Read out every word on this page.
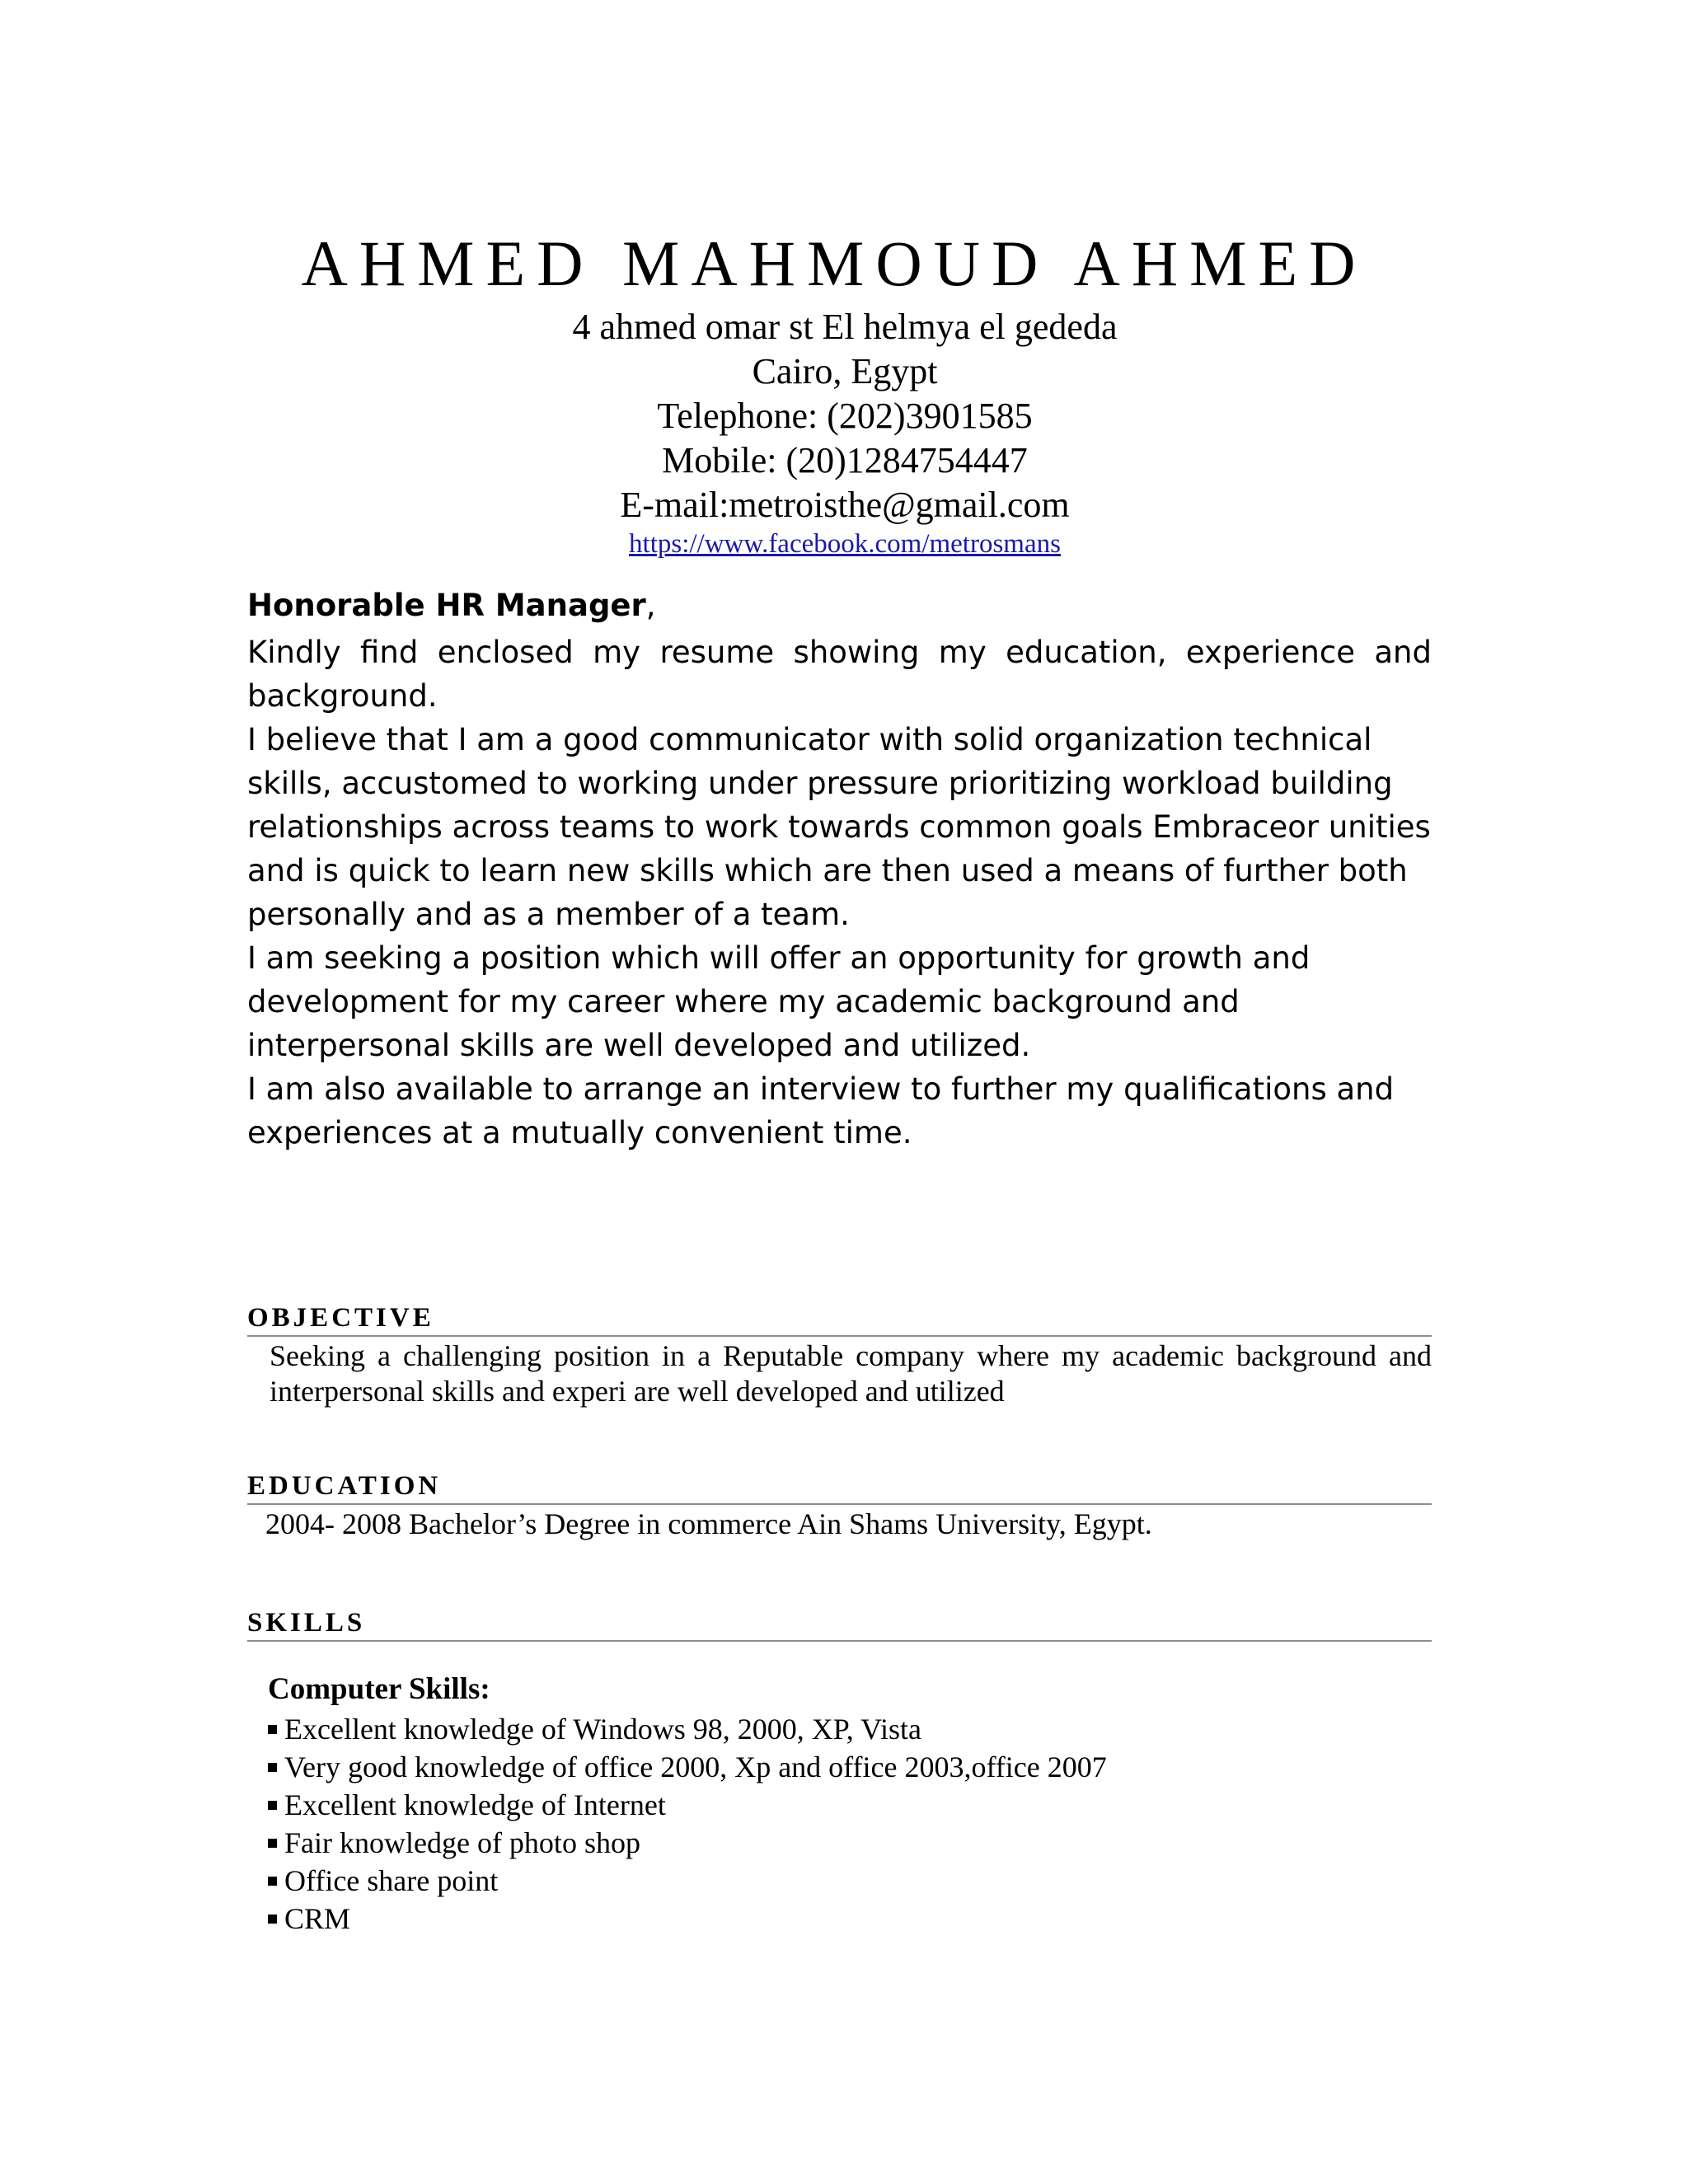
AHMED MAHMOUD AHMED

4 ahmed omar st El helmya el gededa

Cairo, Egypt

Telephone: (202)3901585

Mobile: (20)1284754447

E-mail:metroisthe@gmail.com

https://www.facebook.com/metrosmans

Honorable HR Manager,

Kindly find enclosed my resume showing my education, experience and background.

I believe that I am a good communicator with solid organization technical skills, accustomed to working under pressure prioritizing workload building relationships across teams to work towards common goals Embraceor unities and is quick to learn new skills which are then used a means of further both personally and as a member of a team.

I am seeking a position which will offer an opportunity for growth and development for my career where my academic background and interpersonal skills are well developed and utilized.

I am also available to arrange an interview to further my qualifications and experiences at a mutually convenient time.

OBJECTIVE
Seeking a challenging position in a Reputable company where my academic background and interpersonal skills and experi are well developed and utilized
EDUCATION
2004- 2008 Bachelor’s Degree in commerce Ain Shams University, Egypt.
SKILLS
Computer Skills:
Excellent knowledge of Windows 98, 2000, XP, Vista
Very good knowledge of office 2000, Xp and office 2003,office 2007
Excellent knowledge of Internet
Fair knowledge of photo shop
Office share point
CRM
